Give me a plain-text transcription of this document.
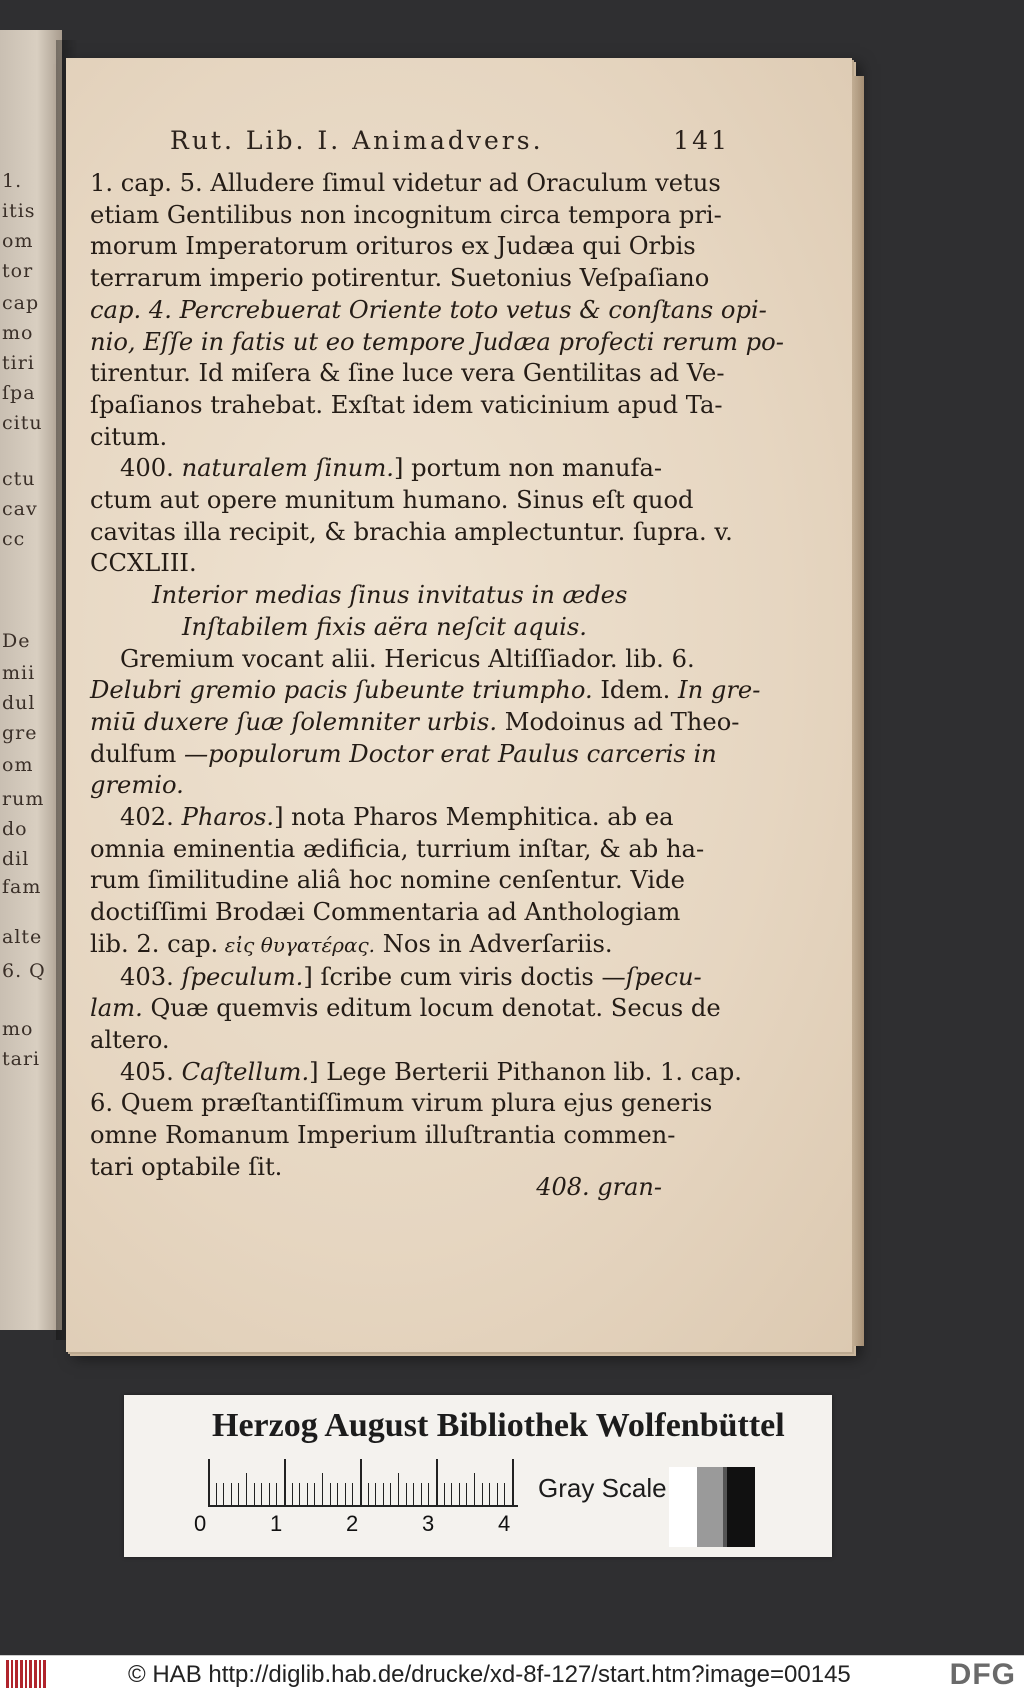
1.
itis
om
tor
cap
mo
tiri
ſpa
citu
ctu
cav
cc
De
mii
dul
gre
om
rum
do
dil
fam
alte
6. Q
mo
tari
Rut. Lib. I. Animadvers.	141
1. cap. 5. Alludere ſimul videtur ad Oraculum vetus
etiam Gentilibus non incognitum circa tempora pri-
morum Imperatorum orituros ex Judæa qui Orbis
terrarum imperio potirentur. Suetonius Veſpaſiano
cap. 4. Percrebuerat Oriente toto vetus & conſtans opi-
nio, Eſſe in fatis ut eo tempore Judæa profecti rerum po-
tirentur. Id miſera & ſine luce vera Gentilitas ad Ve-
ſpaſianos trahebat. Exſtat idem vaticinium apud Ta-
citum.
400. naturalem ſinum.] portum non manufa-
ctum aut opere munitum humano. Sinus eſt quod
cavitas illa recipit, & brachia amplectuntur. ſupra. v.
CCXLIII.
Interior medias ſinus invitatus in ædes
Inſtabilem fixis aëra neſcit aquis.
Gremium vocant alii. Hericus Altiſſiador. lib. 6.
Delubri gremio pacis ſubeunte triumpho. Idem. In gre-
miū duxere ſuæ ſolemniter urbis. Modoinus ad Theo-
dulfum —populorum Doctor erat Paulus carceris in
gremio.
402. Pharos.] nota Pharos Memphitica. ab ea
omnia eminentia ædificia, turrium inſtar, & ab ha-
rum ſimilitudine aliâ hoc nomine cenſentur. Vide
doctiſſimi Brodæi Commentaria ad Anthologiam
lib. 2. cap. εἰς θυγατέρας. Nos in Adverſariis.
403. ſpeculum.] ſcribe cum viris doctis —ſpecu-
lam. Quæ quemvis editum locum denotat. Secus de
altero.
405. Caſtellum.] Lege Berterii Pithanon lib. 1. cap.
6. Quem præſtantiſſimum virum plura ejus generis
omne Romanum Imperium illuſtrantia commen-
tari optabile ſit.
408. gran-
Herzog August Bibliothek Wolfenbüttel
0	1	2	3	4
Gray Scale
© HAB http://diglib.hab.de/drucke/xd-8f-127/start.htm?image=00145	DFG
